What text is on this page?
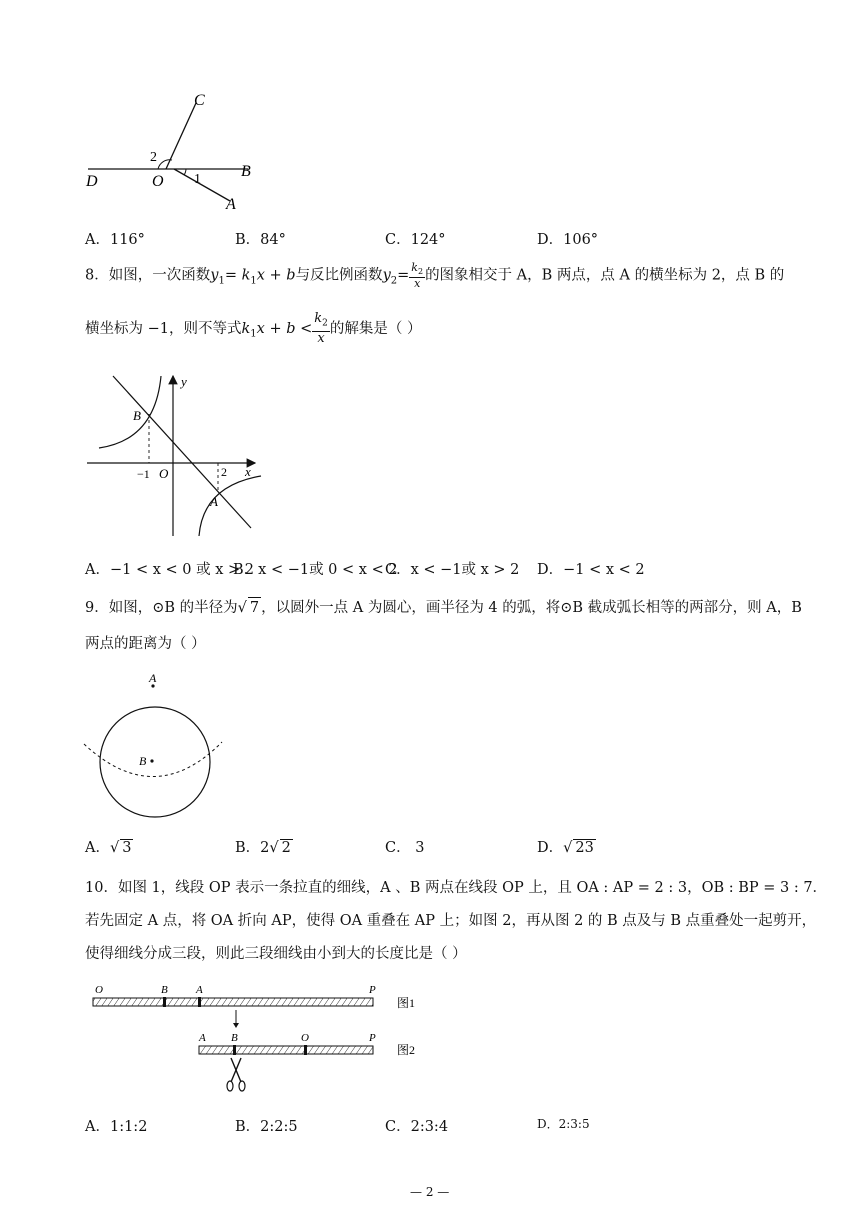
C
2
D	O 1	B
A
A．116°	B．84°	C．124°	D．106°
8．如图，一次函数$y_1= k_1x + b$与反比例函数$y_2= \frac{k_2}{x}$ 的图象相交于 A，B 两点，点 A 的横坐标为 2，点 B 的
横坐标为 −1，则不等式$k_1x + b < \frac{k_2}{x}$ 的解集是（ ）
y
B
−1 O	2 x
A
A．−1 < x < 0 或 x > 2
B．x < −1或 0 < x < 2
C．x < −1或 x > 2 D．−1 < x < 2
9．如图，⊙B 的半径为√ 7 ，以圆外一点 A 为圆心，画半径为 4 的弧，将⊙B 截成弧长相等的两部分，则 A，B
两点的距离为（ ）
A
B
A．√ 3	B．2√ 2	C． 3	D．√ 23
10．如图 1，线段 OP 表示一条拉直的细线，A 、B 两点在线段 OP 上，且 OA : AP = 2 : 3，OB : BP = 3 : 7．
若先固定 A 点，将 OA 折向 AP，使得 OA 重叠在 AP 上；如图 2，再从图 2 的 B 点及与 B 点重叠处一起剪开，
使得细线分成三段，则此三段细线由小到大的长度比是（ ）
O	B	A	P
图1
A B	O	P
图2
A．1:1:2	B．2:2:5	C．2:3:4	D．2:3:5
— 2 —
